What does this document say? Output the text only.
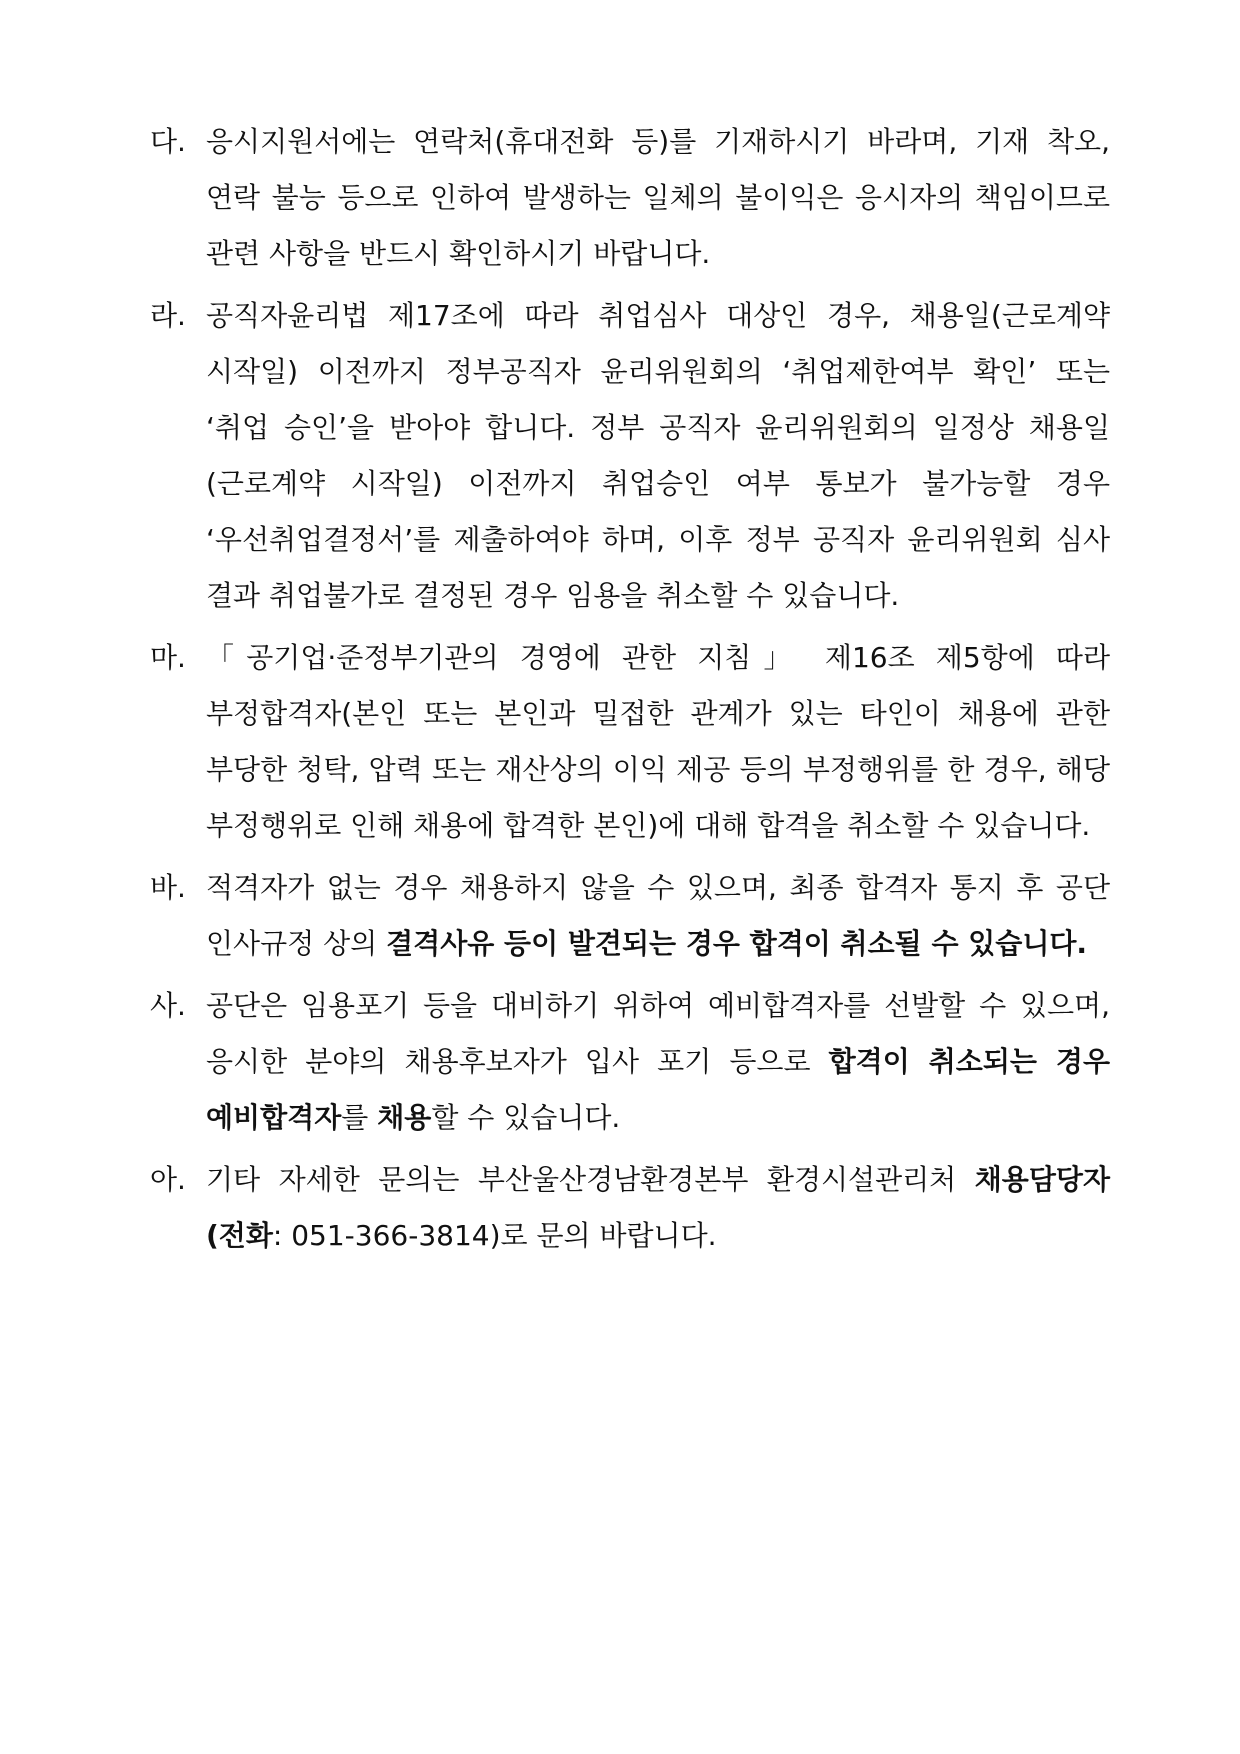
다. 응시지원서에는 연락처(휴대전화 등)를 기재하시기 바라며, 기재 착오, 연락 불능 등으로 인하여 발생하는 일체의 불이익은 응시자의 책임이므로 관련 사항을 반드시 확인하시기 바랍니다.
라. 공직자윤리법 제17조에 따라 취업심사 대상인 경우, 채용일(근로계약 시작일) 이전까지 정부공직자 윤리위원회의 ‘취업제한여부 확인’ 또는 ‘취업 승인’을 받아야 합니다. 정부 공직자 윤리위원회의 일정상 채용일 (근로계약 시작일) 이전까지 취업승인 여부 통보가 불가능할 경우 ‘우선취업결정서’를 제출하여야 하며, 이후 정부 공직자 윤리위원회 심사 결과 취업불가로 결정된 경우 임용을 취소할 수 있습니다.
마. 「공기업·준정부기관의 경영에 관한 지침」 제16조 제5항에 따라 부정합격자(본인 또는 본인과 밀접한 관계가 있는 타인이 채용에 관한 부당한 청탁, 압력 또는 재산상의 이익 제공 등의 부정행위를 한 경우, 해당 부정행위로 인해 채용에 합격한 본인)에 대해 합격을 취소할 수 있습니다.
바. 적격자가 없는 경우 채용하지 않을 수 있으며, 최종 합격자 통지 후 공단 인사규정 상의 결격사유 등이 발견되는 경우 합격이 취소될 수 있습니다.
사. 공단은 임용포기 등을 대비하기 위하여 예비합격자를 선발할 수 있으며, 응시한 분야의 채용후보자가 입사 포기 등으로 합격이 취소되는 경우 예비합격자를 채용할 수 있습니다.
아. 기타 자세한 문의는 부산울산경남환경본부 환경시설관리처 채용담당자 (전화: 051-366-3814)로 문의 바랍니다.
